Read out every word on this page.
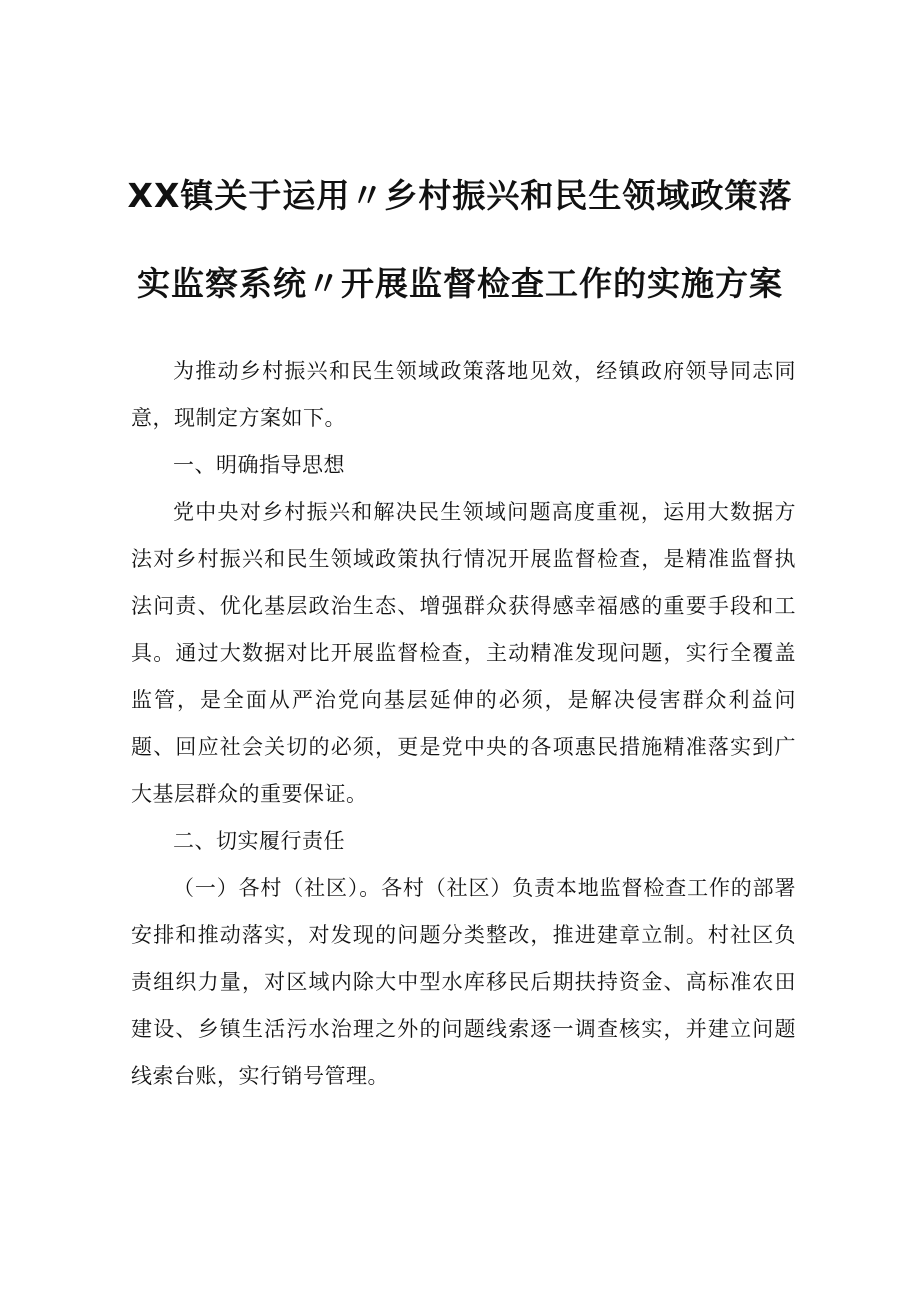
XX镇关于运用〃乡村振兴和民生领域政策落
实监察系统〃开展监督检查工作的实施方案

为推动乡村振兴和民生领域政策落地见效，经镇政府领导同志同意，现制定方案如下。

一、明确指导思想

党中央对乡村振兴和解决民生领域问题高度重视，运用大数据方法对乡村振兴和民生领域政策执行情况开展监督检查，是精准监督执法问责、优化基层政治生态、增强群众获得感幸福感的重要手段和工具。通过大数据对比开展监督检查，主动精准发现问题，实行全覆盖监管，是全面从严治党向基层延伸的必须，是解决侵害群众利益问题、回应社会关切的必须，更是党中央的各项惠民措施精准落实到广大基层群众的重要保证。

二、切实履行责任

（一）各村（社区）。各村（社区）负责本地监督检查工作的部署安排和推动落实，对发现的问题分类整改，推进建章立制。村社区负责组织力量，对区域内除大中型水库移民后期扶持资金、高标准农田建设、乡镇生活污水治理之外的问题线索逐一调查核实，并建立问题线索台账，实行销号管理。
